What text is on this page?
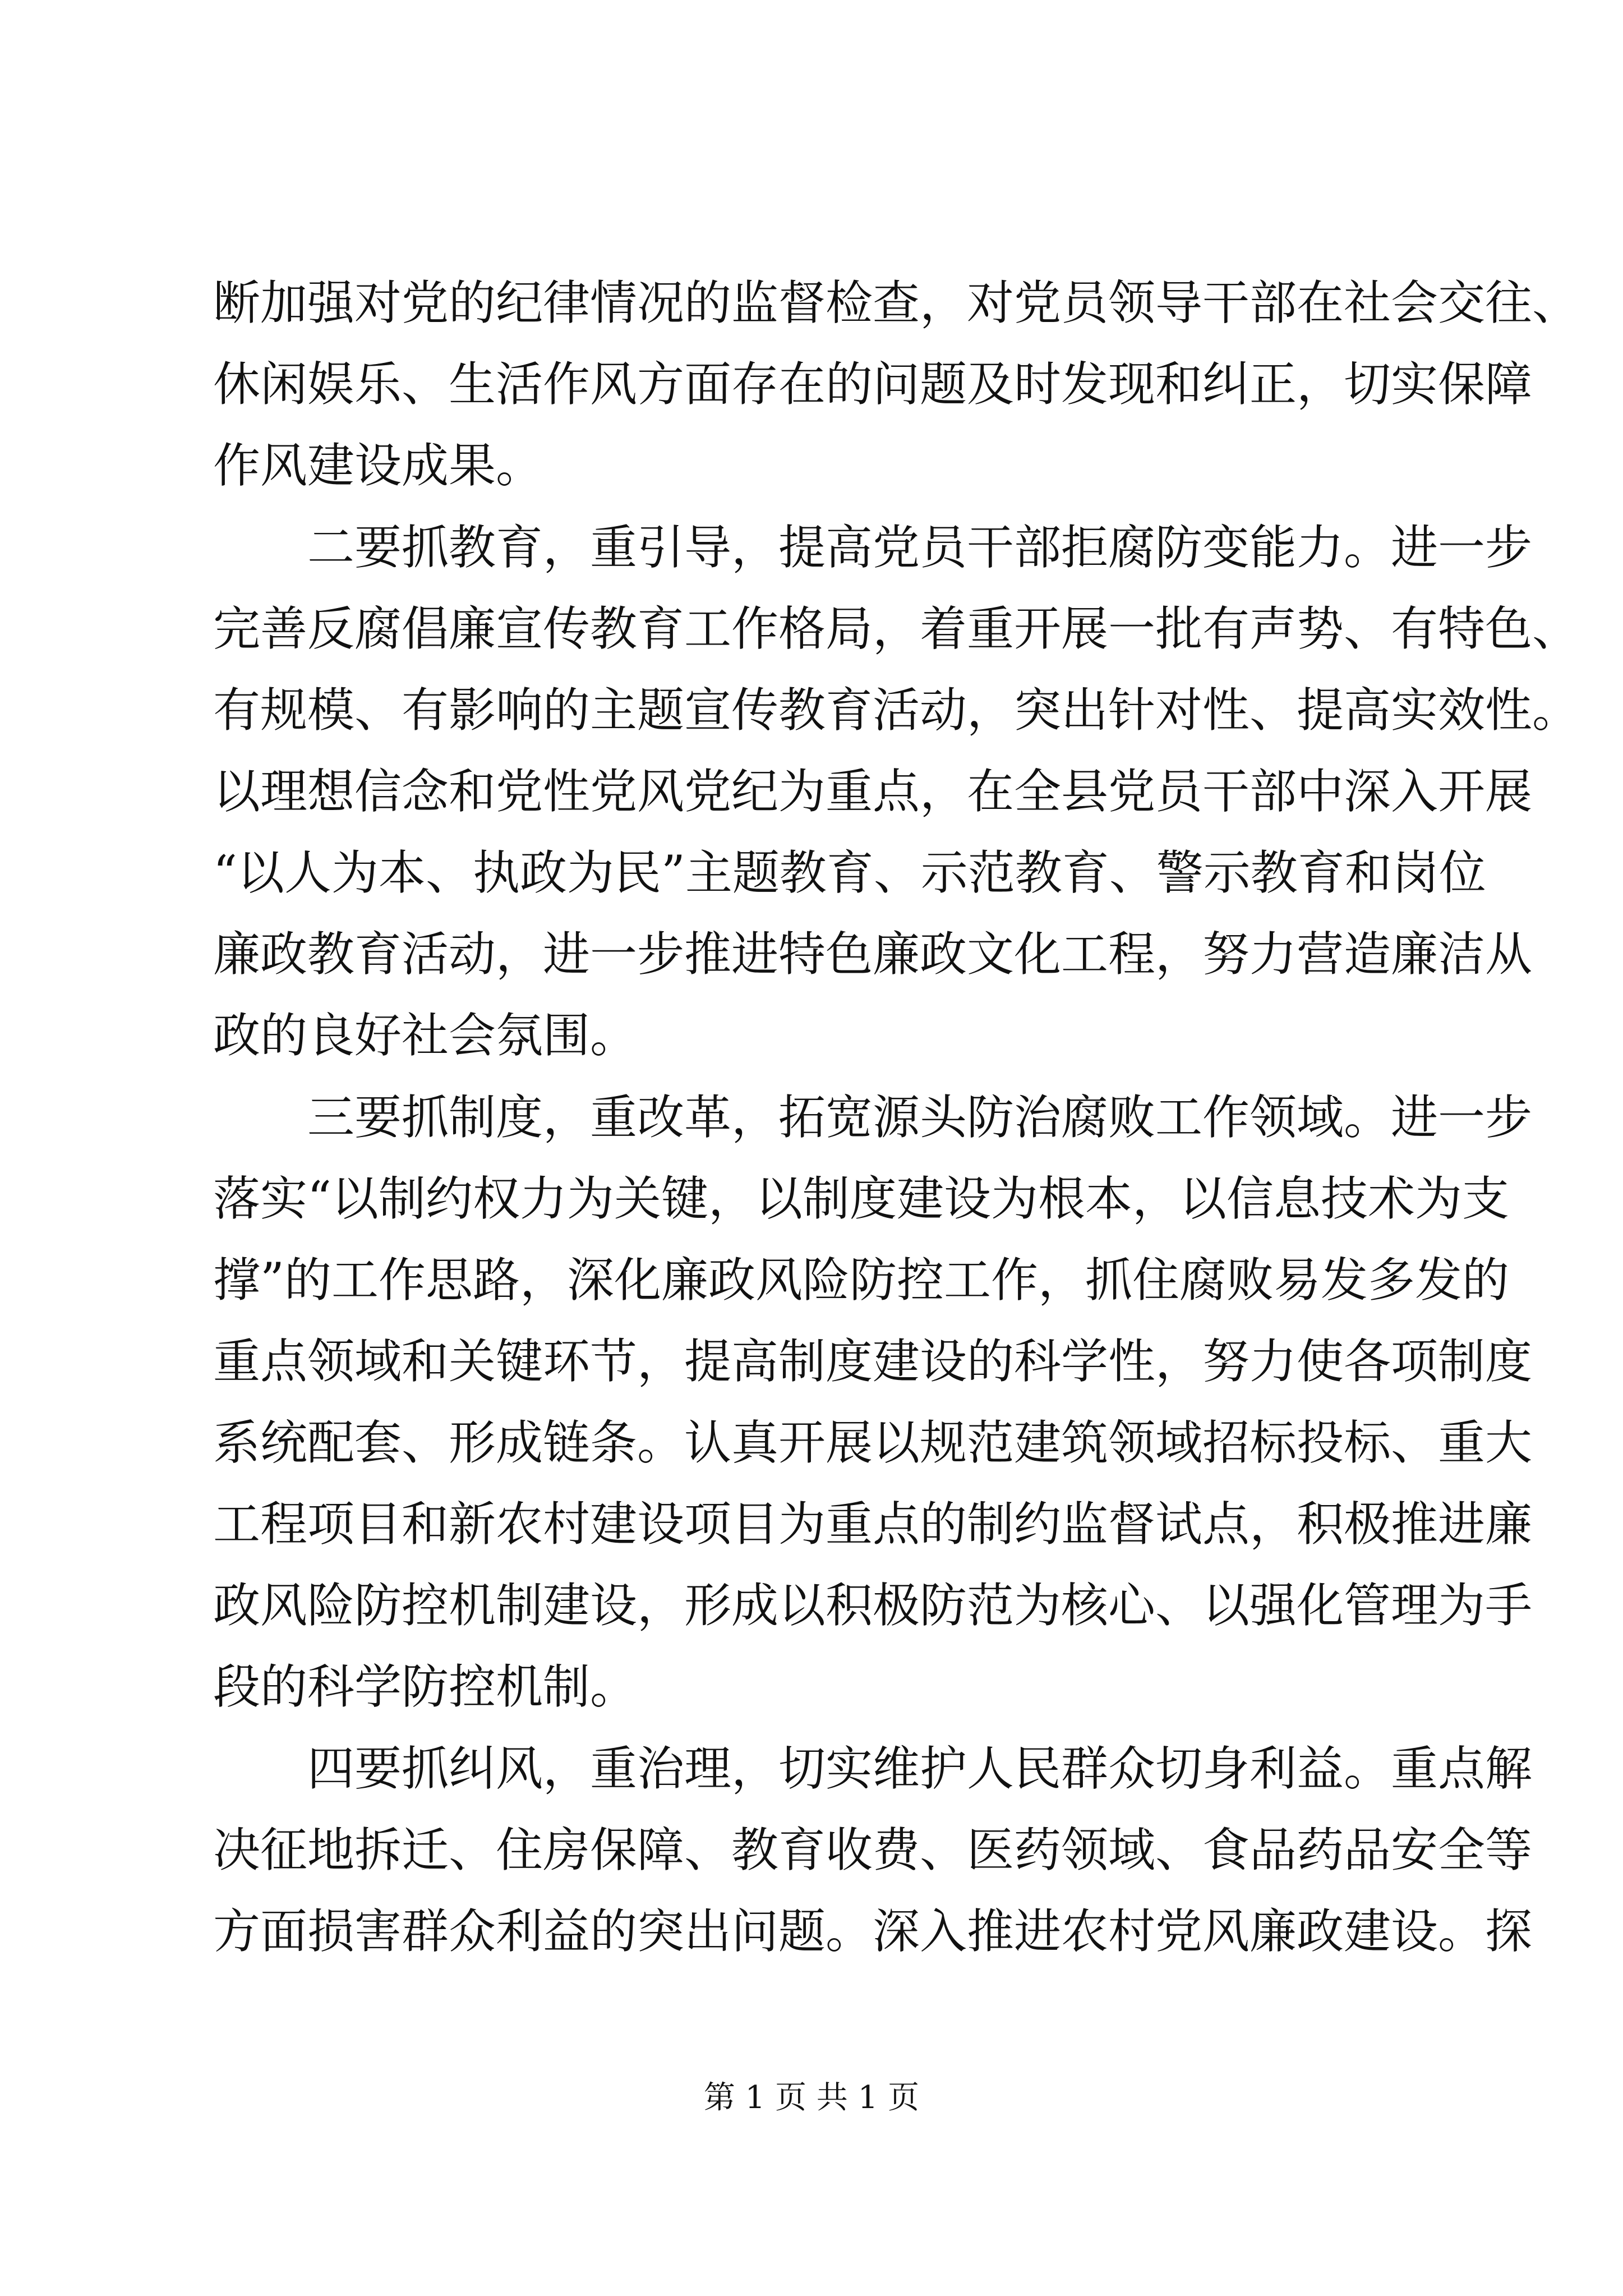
断加强对党的纪律情况的监督检查，对党员领导干部在社会交往、
休闲娱乐、生活作风方面存在的问题及时发现和纠正，切实保障
作风建设成果。
二要抓教育，重引导，提高党员干部拒腐防变能力。进一步
完善反腐倡廉宣传教育工作格局，着重开展一批有声势、有特色、
有规模、有影响的主题宣传教育活动，突出针对性、提高实效性。
以理想信念和党性党风党纪为重点，在全县党员干部中深入开展
“以人为本、执政为民”主题教育、示范教育、警示教育和岗位
廉政教育活动，进一步推进特色廉政文化工程，努力营造廉洁从
政的良好社会氛围。
三要抓制度，重改革，拓宽源头防治腐败工作领域。进一步
落实“以制约权力为关键，以制度建设为根本，以信息技术为支
撑”的工作思路，深化廉政风险防控工作，抓住腐败易发多发的
重点领域和关键环节，提高制度建设的科学性，努力使各项制度
系统配套、形成链条。认真开展以规范建筑领域招标投标、重大
工程项目和新农村建设项目为重点的制约监督试点，积极推进廉
政风险防控机制建设，形成以积极防范为核心、以强化管理为手
段的科学防控机制。
四要抓纠风，重治理，切实维护人民群众切身利益。重点解
决征地拆迁、住房保障、教育收费、医药领域、食品药品安全等
方面损害群众利益的突出问题。深入推进农村党风廉政建设。探
第 1 页 共 1 页
